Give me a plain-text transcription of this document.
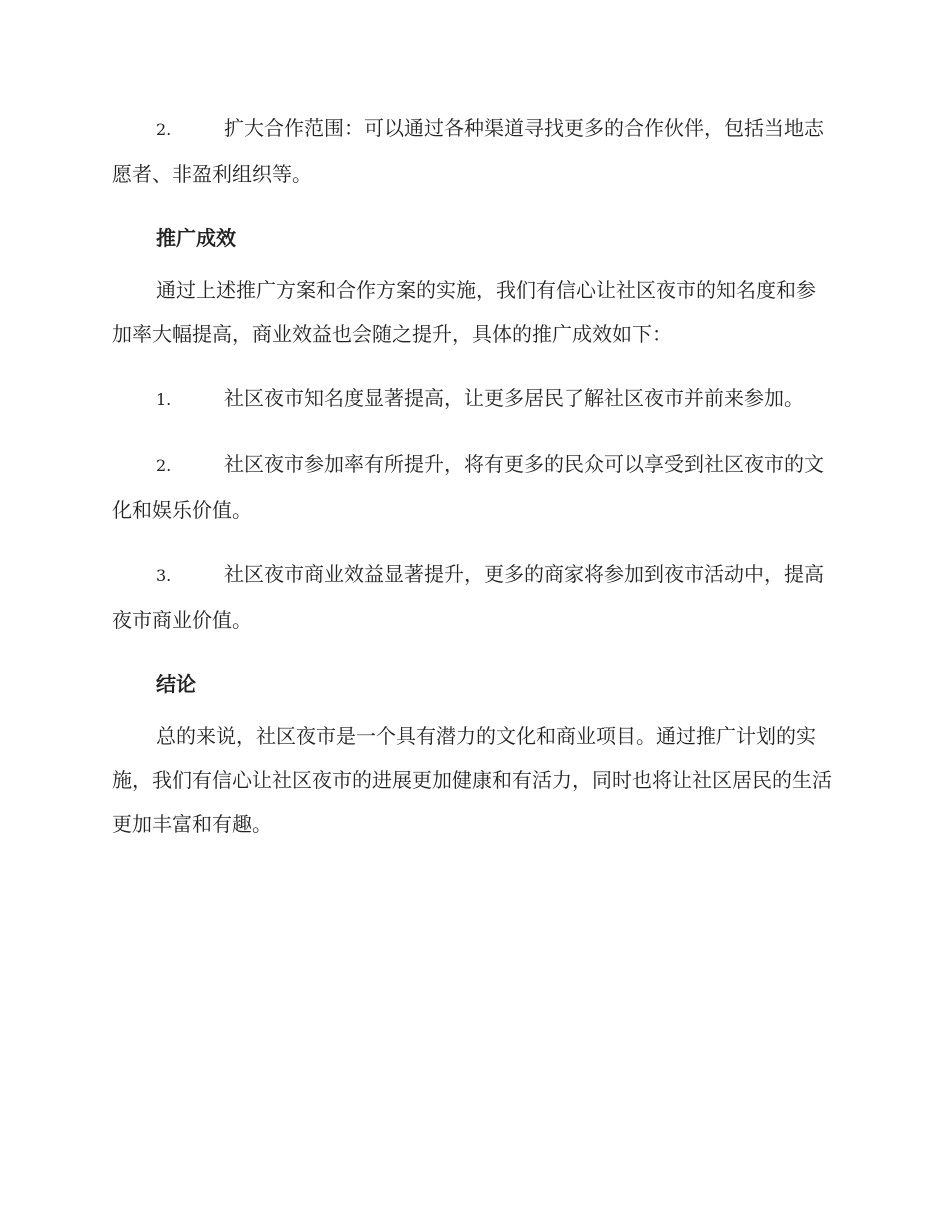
2.	扩大合作范围：可以通过各种渠道寻找更多的合作伙伴，包括当地志愿者、非盈利组织等。
推广成效
通过上述推广方案和合作方案的实施，我们有信心让社区夜市的知名度和参加率大幅提高，商业效益也会随之提升，具体的推广成效如下：
1.	社区夜市知名度显著提高，让更多居民了解社区夜市并前来参加。
2.	社区夜市参加率有所提升，将有更多的民众可以享受到社区夜市的文化和娱乐价值。
3.	社区夜市商业效益显著提升，更多的商家将参加到夜市活动中，提高夜市商业价值。
结论
总的来说，社区夜市是一个具有潜力的文化和商业项目。通过推广计划的实施，我们有信心让社区夜市的进展更加健康和有活力，同时也将让社区居民的生活更加丰富和有趣。
